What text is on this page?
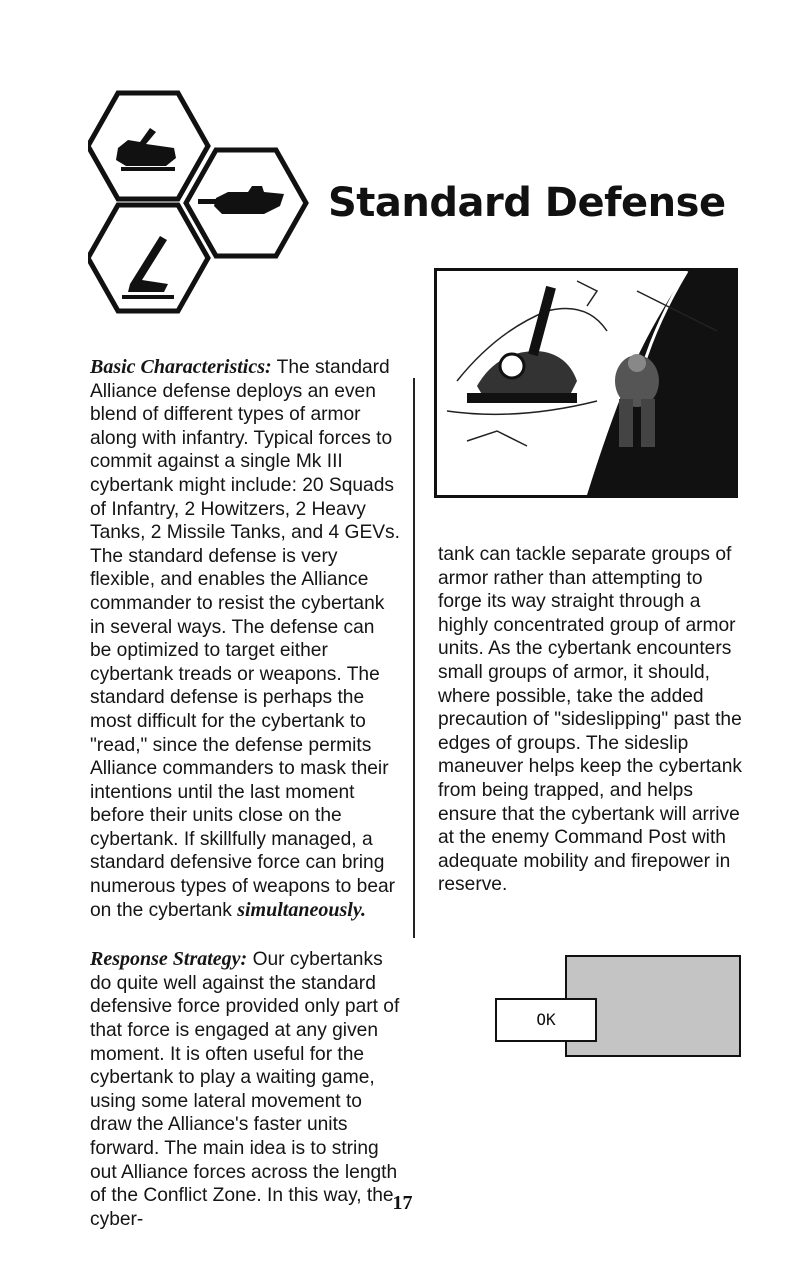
Standard Defense

Basic Characteristics: The standard Alliance defense deploys an even blend of different types of armor along with infantry. Typical forces to commit against a single Mk III cybertank might include: 20 Squads of Infantry, 2 Howitzers, 2 Heavy Tanks, 2 Missile Tanks, and 4 GEVs. The standard defense is very flexible, and enables the Alliance commander to resist the cybertank in several ways. The defense can be optimized to target either cybertank treads or weapons. The standard defense is perhaps the most difficult for the cybertank to "read," since the defense permits Alliance commanders to mask their intentions until the last moment before their units close on the cybertank. If skillfully managed, a standard defensive force can bring numerous types of weapons to bear on the cybertank simultaneously.

Response Strategy: Our cybertanks do quite well against the standard defensive force provided only part of that force is engaged at any given moment. It is often useful for the cybertank to play a waiting game, using some lateral movement to draw the Alliance's faster units forward. The main idea is to string out Alliance forces across the length of the Conflict Zone. In this way, the cyber-

tank can tackle separate groups of armor rather than attempting to forge its way straight through a highly concentrated group of armor units. As the cybertank encounters small groups of armor, it should, where possible, take the added precaution of "sideslipping" past the edges of groups. The sideslip maneuver helps keep the cybertank from being trapped, and helps ensure that the cybertank will arrive at the enemy Command Post with adequate mobility and firepower in reserve.

OK
17
